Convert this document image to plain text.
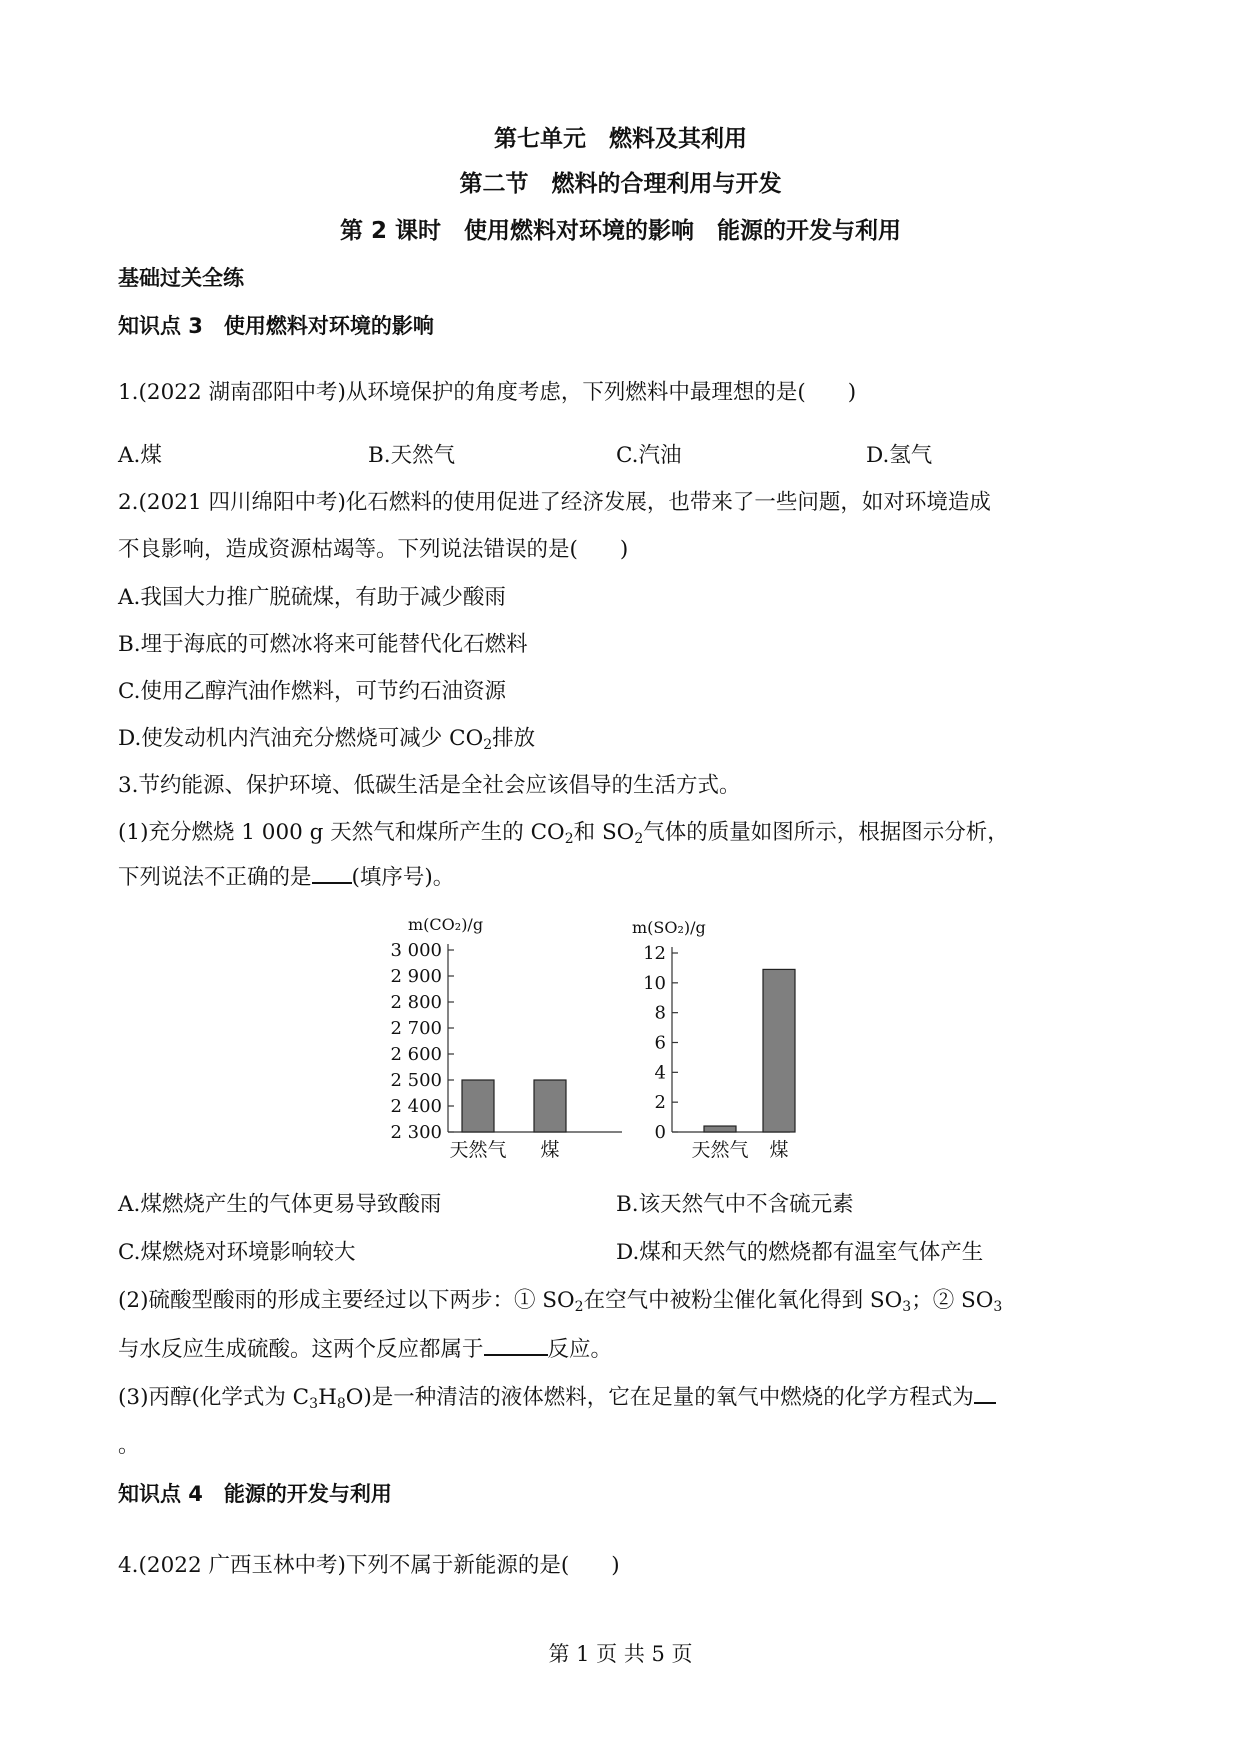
第七单元　燃料及其利用
第二节　燃料的合理利用与开发
第 2 课时　使用燃料对环境的影响　能源的开发与利用
基础过关全练
知识点 3　使用燃料对环境的影响
1.(2022 湖南邵阳中考)从环境保护的角度考虑，下列燃料中最理想的是( )
A.煤	B.天然气	C.汽油	D.氢气
2.(2021 四川绵阳中考)化石燃料的使用促进了经济发展，也带来了一些问题，如对环境造成
不良影响，造成资源枯竭等。下列说法错误的是( )
A.我国大力推广脱硫煤，有助于减少酸雨
B.埋于海底的可燃冰将来可能替代化石燃料
C.使用乙醇汽油作燃料，可节约石油资源
D.使发动机内汽油充分燃烧可减少 $CO_2$排放
3.节约能源、保护环境、低碳生活是全社会应该倡导的生活方式。
(1)充分燃烧 1 000 g 天然气和煤所产生的 $CO_2$和 $SO_2$气体的质量如图所示，根据图示分析，
下列说法不正确的是 (填序号)。
m(CO₂)/g
2 300
2 400
2 500
2 600
2 700
2 800
2 900
3 000
天然气 煤
m(SO₂)/g
0
2
4
6
8
10
12
天然气 煤
A.煤燃烧产生的气体更易导致酸雨	B.该天然气中不含硫元素
C.煤燃烧对环境影响较大	D.煤和天然气的燃烧都有温室气体产生
(2)硫酸型酸雨的形成主要经过以下两步：① $SO_2$在空气中被粉尘催化氧化得到 $SO_3$；② $SO_3$
与水反应生成硫酸。这两个反应都属于	反应。
(3)丙醇(化学式为 $C_3H_8O$)是一种清洁的液体燃料，它在足量的氧气中燃烧的化学方程式为
。
知识点 4　能源的开发与利用
4.(2022 广西玉林中考)下列不属于新能源的是( )
第 1 页 共 5 页
